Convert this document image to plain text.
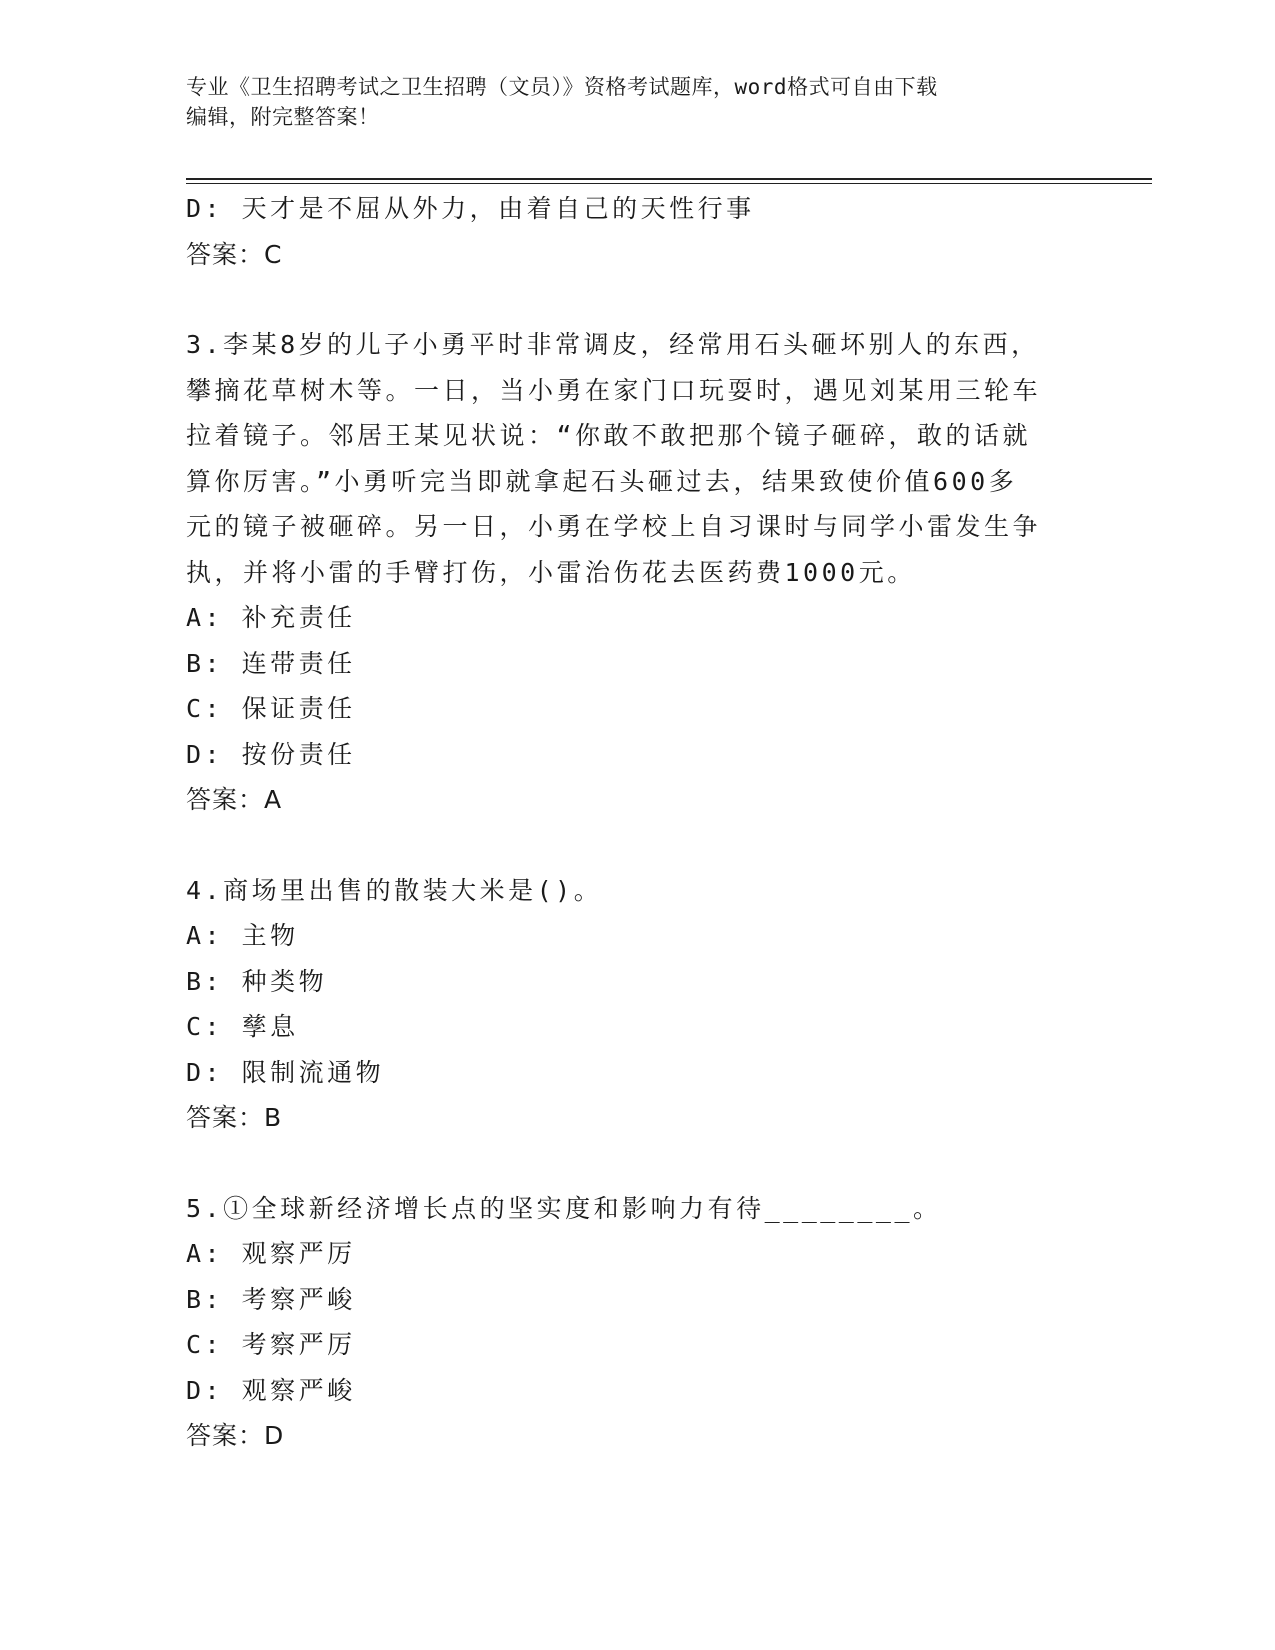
专业《卫生招聘考试之卫生招聘（文员）》资格考试题库，word格式可自由下载
编辑，附完整答案！
D: 天才是不屈从外力，由着自己的天性行事
答案：C
3.李某8岁的儿子小勇平时非常调皮，经常用石头砸坏别人的东西，
攀摘花草树木等。一日，当小勇在家门口玩耍时，遇见刘某用三轮车
拉着镜子。邻居王某见状说：“你敢不敢把那个镜子砸碎，敢的话就
算你厉害。”小勇听完当即就拿起石头砸过去，结果致使价值600多
元的镜子被砸碎。另一日，小勇在学校上自习课时与同学小雷发生争
执，并将小雷的手臂打伤，小雷治伤花去医药费1000元。
A: 补充责任
B: 连带责任
C: 保证责任
D: 按份责任
答案：A
4.商场里出售的散装大米是()。
A: 主物
B: 种类物
C: 孳息
D: 限制流通物
答案：B
5.①全球新经济增长点的坚实度和影响力有待________。
A: 观察严厉
B: 考察严峻
C: 考察严厉
D: 观察严峻
答案：D
